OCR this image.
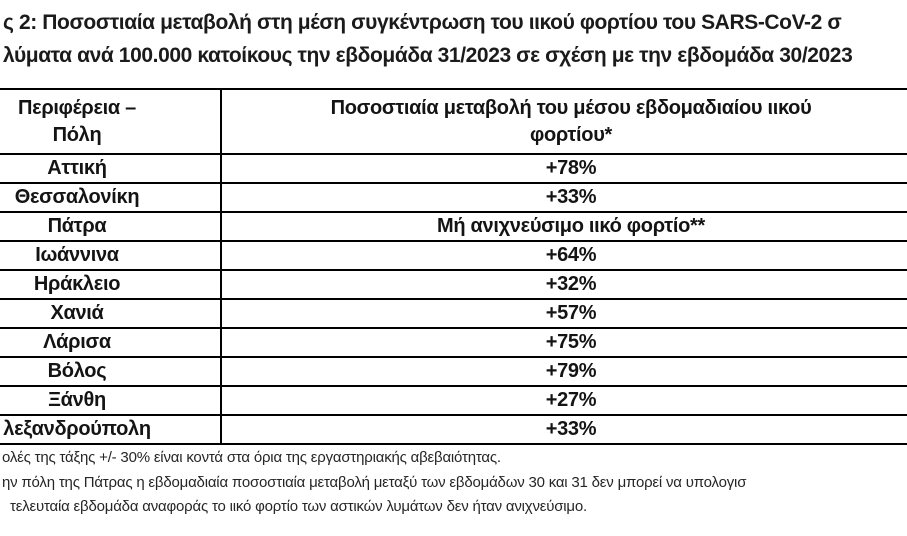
ς 2: Ποσοστιαία μεταβολή στη μέση συγκέντρωση του ιικού φορτίου του SARS-CoV-2 σ
λύματα ανά 100.000 κατοίκους την εβδομάδα 31/2023 σε σχέση με την εβδομάδα 30/2023
Περιφέρεια –
Πόλη
Ποσοστιαία μεταβολή του μέσου εβδομαδιαίου ιικού
φορτίου*
Αττική	+78%
Θεσσαλονίκη	+33%
Πάτρα	Μή ανιχνεύσιμο ιικό φορτίο**
Ιωάννινα	+64%
Ηράκλειο	+32%
Χανιά	+57%
Λάρισα	+75%
Βόλος	+79%
Ξάνθη	+27%
λεξανδρούπολη	+33%
ολές της τάξης +/- 30% είναι κοντά στα όρια της εργαστηριακής αβεβαιότητας.
ην πόλη της Πάτρας η εβδομαδιαία ποσοστιαία μεταβολή μεταξύ των εβδομάδων 30 και 31 δεν μπορεί να υπολογισ
τελευταία εβδομάδα αναφοράς το ιικό φορτίο των αστικών λυμάτων δεν ήταν ανιχνεύσιμο.
